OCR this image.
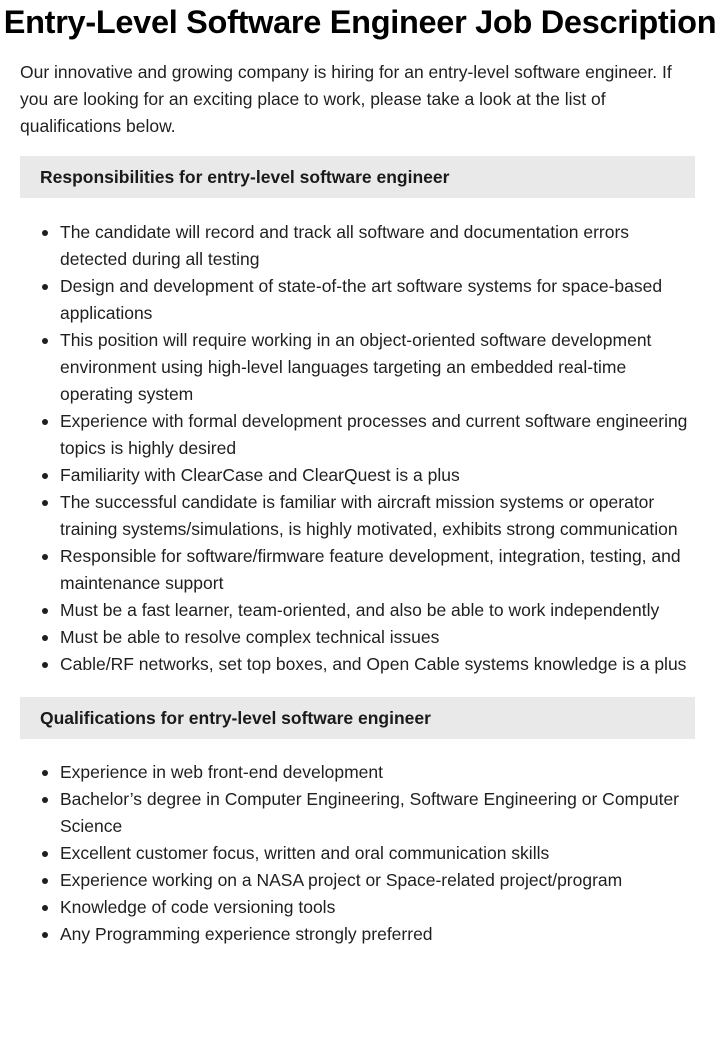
Entry-Level Software Engineer Job Description

Our innovative and growing company is hiring for an entry-level software engineer. If you are looking for an exciting place to work, please take a look at the list of qualifications below.

Responsibilities for entry-level software engineer
The candidate will record and track all software and documentation errors detected during all testing
Design and development of state-of-the art software systems for space-based applications
This position will require working in an object-oriented software development environment using high-level languages targeting an embedded real-time operating system
Experience with formal development processes and current software engineering topics is highly desired
Familiarity with ClearCase and ClearQuest is a plus
The successful candidate is familiar with aircraft mission systems or operator training systems/simulations, is highly motivated, exhibits strong communication
Responsible for software/firmware feature development, integration, testing, and maintenance support
Must be a fast learner, team-oriented, and also be able to work independently
Must be able to resolve complex technical issues
Cable/RF networks, set top boxes, and Open Cable systems knowledge is a plus
Qualifications for entry-level software engineer
Experience in web front-end development
Bachelor’s degree in Computer Engineering, Software Engineering or Computer Science
Excellent customer focus, written and oral communication skills
Experience working on a NASA project or Space-related project/program
Knowledge of code versioning tools
Any Programming experience strongly preferred
